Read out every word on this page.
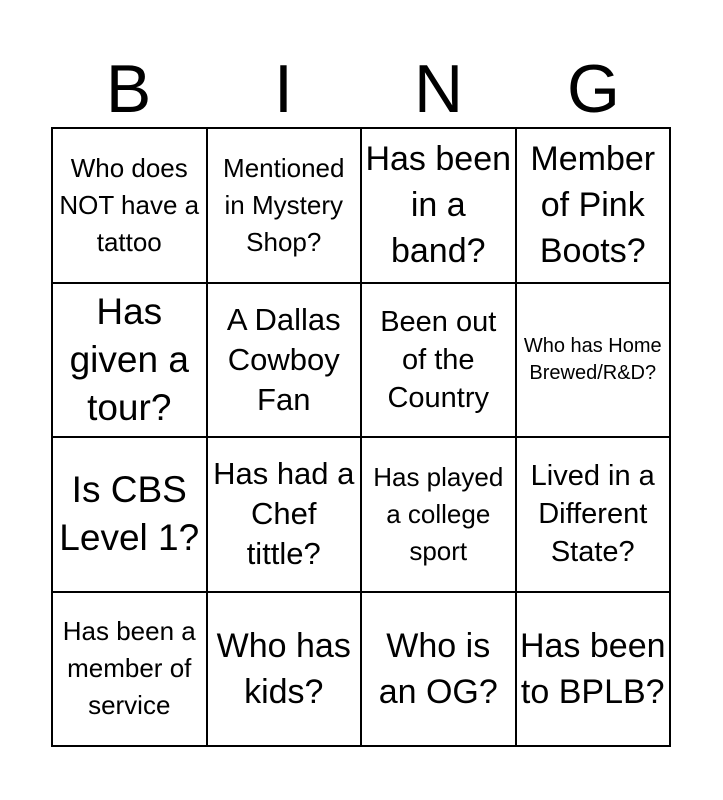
B	I	N	G
Who does NOT have a tattoo
Mentioned in Mystery Shop?
Has been in a band?
Member of Pink Boots?
Has given a tour?
A Dallas Cowboy Fan
Been out of the Country
Who has Home Brewed/R&D?
Is CBS Level 1?
Has had a Chef tittle?
Has played a college sport
Lived in a Different State?
Has been a member of service
Who has kids?
Who is an OG?
Has been to BPLB?
